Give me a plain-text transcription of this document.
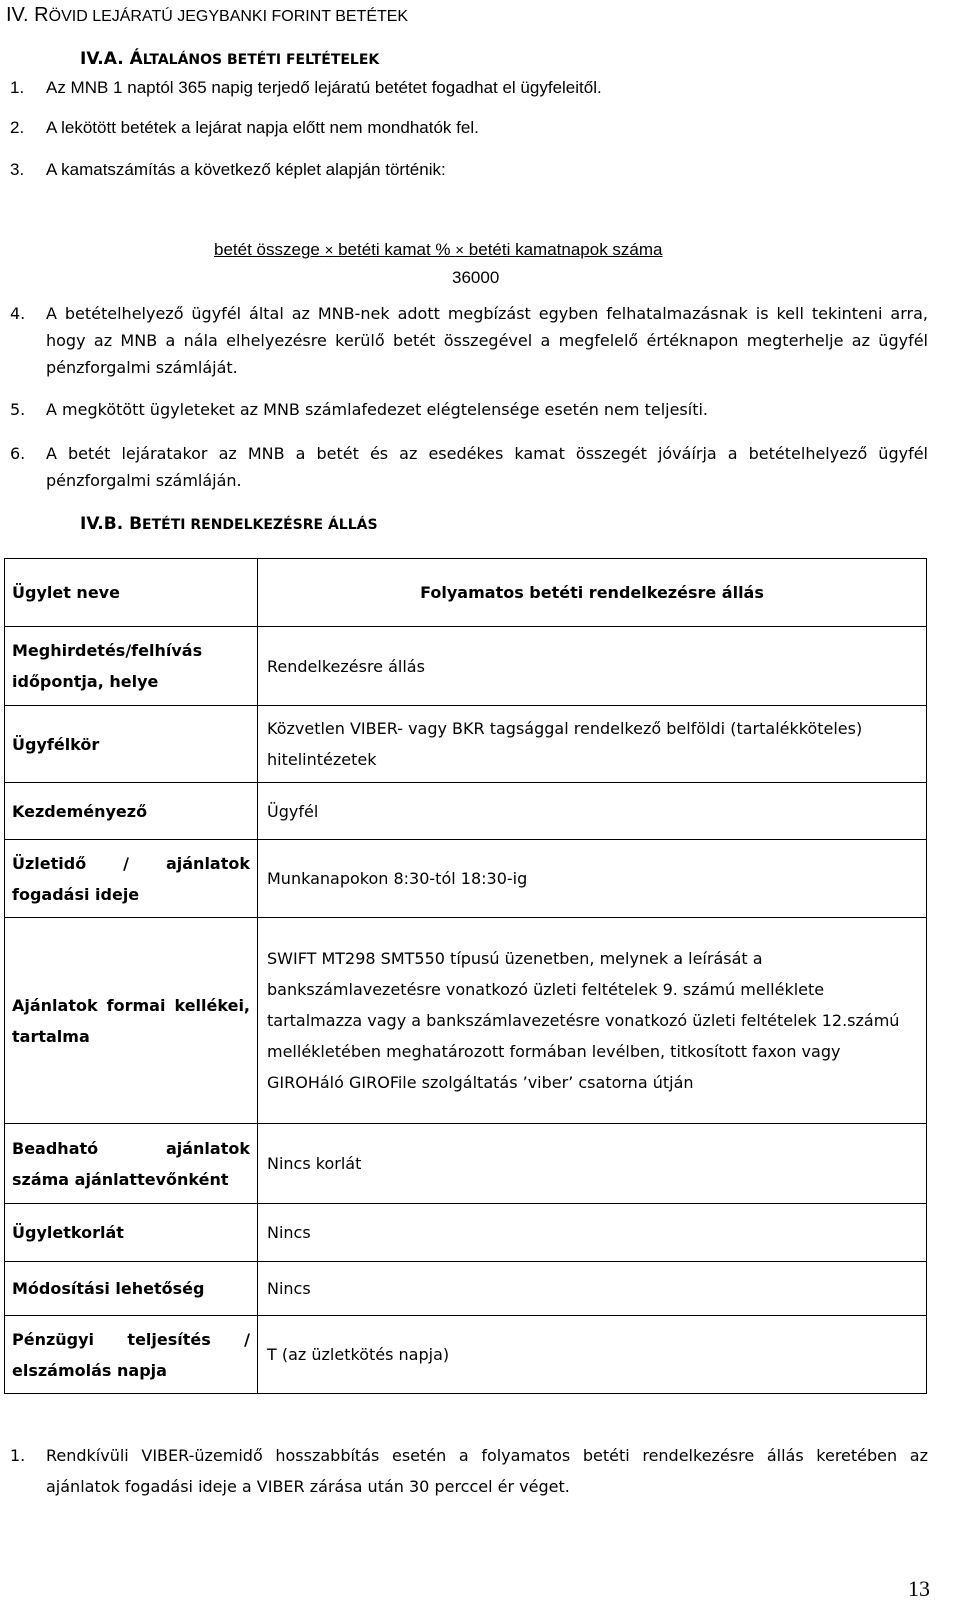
IV. RÖVID LEJÁRATÚ JEGYBANKI FORINT BETÉTEK
IV.A. ÁLTALÁNOS BETÉTI FELTÉTELEK
1. Az MNB 1 naptól 365 napig terjedő lejáratú betétet fogadhat el ügyfeleitől.
2. A lekötött betétek a lejárat napja előtt nem mondhatók fel.
3. A kamatszámítás a következő képlet alapján történik:
betét összege × betéti kamat % × betéti kamatnapok száma
36000
4. A betételhelyező ügyfél által az MNB-nek adott megbízást egyben felhatalmazásnak is kell tekinteni arra, hogy az MNB a nála elhelyezésre kerülő betét összegével a megfelelő értéknapon megterhelje az ügyfél pénzforgalmi számláját.
5. A megkötött ügyleteket az MNB számlafedezet elégtelensége esetén nem teljesíti.
6. A betét lejáratakor az MNB a betét és az esedékes kamat összegét jóváírja a betételhelyező ügyfél pénzforgalmi számláján.
IV.B. BETÉTI RENDELKEZÉSRE ÁLLÁS
Ügylet neve	Folyamatos betéti rendelkezésre állás
Meghirdetés/felhívás időpontja, helye	Rendelkezésre állás
Ügyfélkör	Közvetlen VIBER- vagy BKR tagsággal rendelkező belföldi (tartalékköteles) hitelintézetek
Kezdeményező	Ügyfél
Üzletidő / ajánlatok fogadási ideje	Munkanapokon 8:30-tól 18:30-ig
Ajánlatok formai kellékei, tartalma	SWIFT MT298 SMT550 típusú üzenetben, melynek a leírását a bankszámlavezetésre vonatkozó üzleti feltételek 9. számú melléklete tartalmazza vagy a bankszámlavezetésre vonatkozó üzleti feltételek 12.számú mellékletében meghatározott formában levélben, titkosított faxon vagy GIROHáló GIROFile szolgáltatás ’viber’ csatorna útján
Beadható ajánlatok száma ajánlattevőnként	Nincs korlát
Ügyletkorlát	Nincs
Módosítási lehetőség	Nincs
Pénzügyi teljesítés / elszámolás napja	T (az üzletkötés napja)
1. Rendkívüli VIBER-üzemidő hosszabbítás esetén a folyamatos betéti rendelkezésre állás keretében az ajánlatok fogadási ideje a VIBER zárása után 30 perccel ér véget.
13
